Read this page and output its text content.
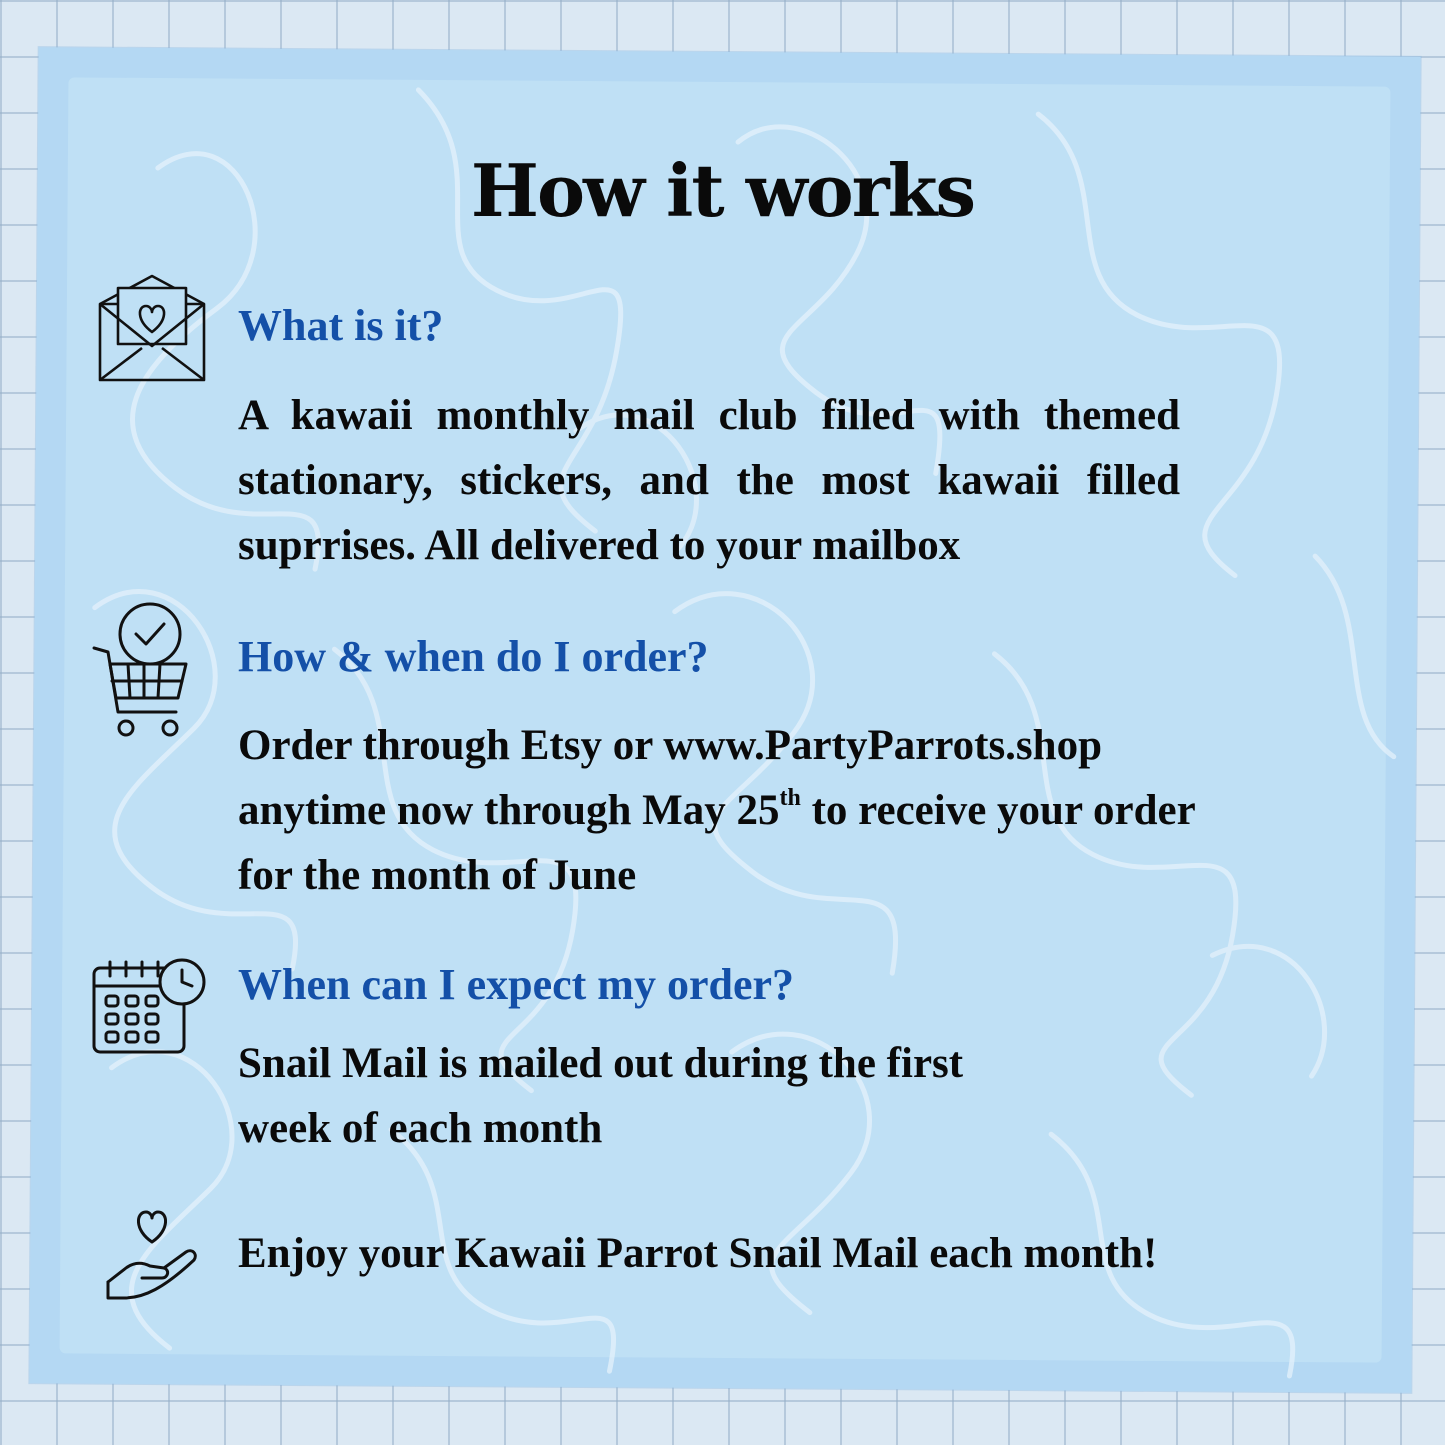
How it works

What is it?

A kawaii monthly mail club filled with themed stationary, stickers, and the most kawaii filled suprrises. All delivered to your mailbox

How & when do I order?

Order through Etsy or www.PartyParrots.shop anytime now through May 25th to receive your order for the month of June

When can I expect my order?

Snail Mail is mailed out during the first
week of each month

Enjoy your Kawaii Parrot Snail Mail each month!
